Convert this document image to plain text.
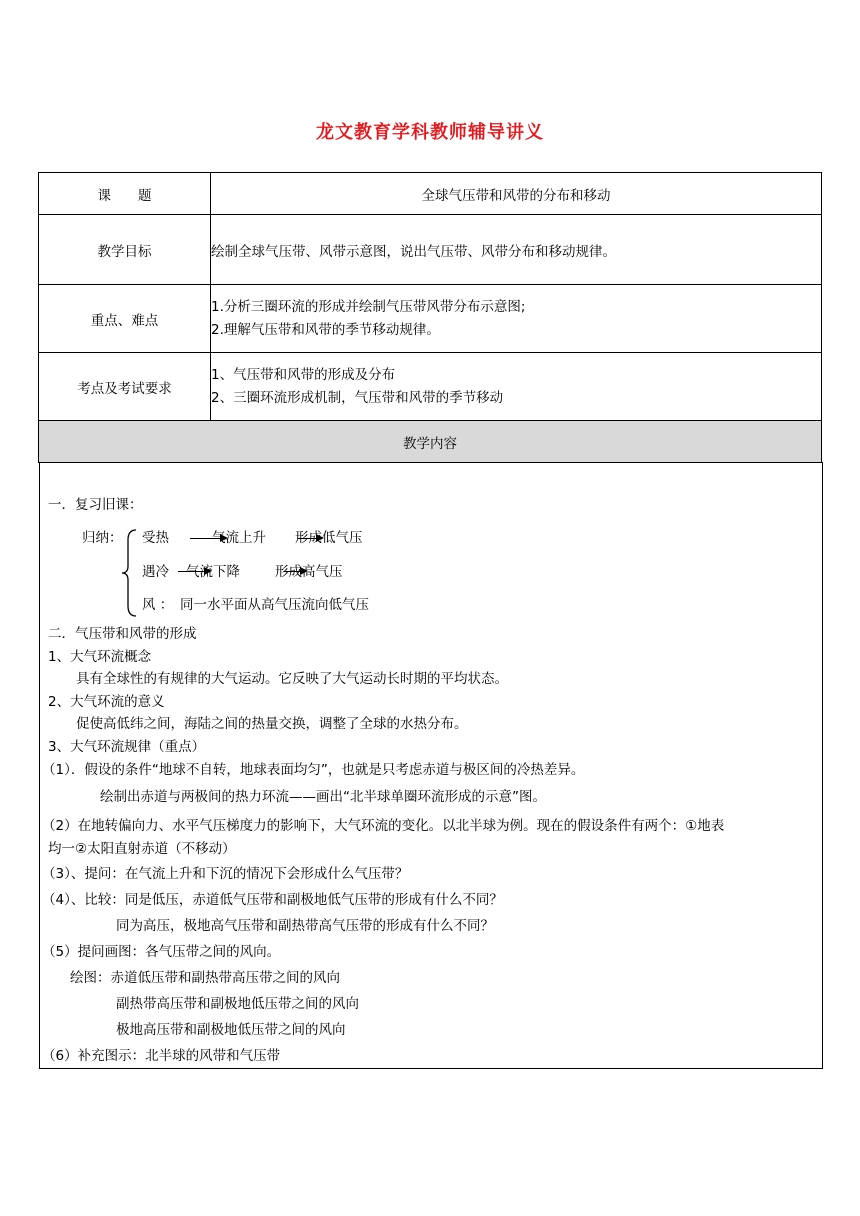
龙文教育学科教师辅导讲义
课　　题	全球气压带和风带的分布和移动
教学目标	绘制全球气压带、风带示意图，说出气压带、风带分布和移动规律。
重点、难点	1.分析三圈环流的形成并绘制气压带风带分布示意图;
2.理解气压带和风带的季节移动规律。

考点及考试要求	1、气压带和风带的形成及分布
2、三圈环流形成机制，气压带和风带的季节移动

教学内容	
一．复习旧课：
归纳： 受热	气流上升 形成低气压
遇冷 气流下降	形成高气压
风 ：　同一水平面从高气压流向低气压
二．气压带和风带的形成
1、大气环流概念
具有全球性的有规律的大气运动。它反映了大气运动长时期的平均状态。
2、大气环流的意义
促使高低纬之间，海陆之间的热量交换，调整了全球的水热分布。
3、大气环流规律（重点）
（1）．假设的条件“地球不自转，地球表面均匀”，也就是只考虑赤道与极区间的冷热差异。
绘制出赤道与两极间的热力环流——画出“北半球单圈环流形成的示意”图。
（2）在地转偏向力、水平气压梯度力的影响下，大气环流的变化。以北半球为例。现在的假设条件有两个：①地表
均一②太阳直射赤道（不移动）
（3）、提问：在气流上升和下沉的情况下会形成什么气压带？
（4）、比较：同是低压，赤道低气压带和副极地低气压带的形成有什么不同？
同为高压，极地高气压带和副热带高气压带的形成有什么不同？
（5）提问画图：各气压带之间的风向。
绘图：赤道低压带和副热带高压带之间的风向
副热带高压带和副极地低压带之间的风向
极地高压带和副极地低压带之间的风向
（6）补充图示：北半球的风带和气压带
